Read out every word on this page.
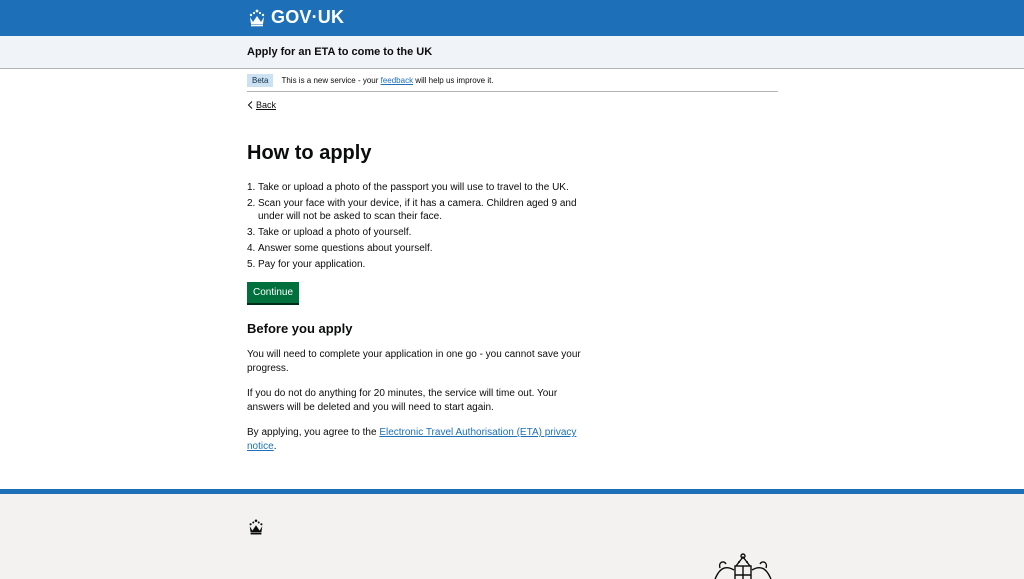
GOV·UK
Apply for an ETA to come to the UK
Beta	This is a new service - your feedback will help us improve it.
Back
How to apply
1. Take or upload a photo of the passport you will use to travel to the UK.
2. Scan your face with your device, if it has a camera. Children aged 9 and under will not be asked to scan their face.
3. Take or upload a photo of yourself.
4. Answer some questions about yourself.
5. Pay for your application.
Continue
Before you apply

You will need to complete your application in one go - you cannot save your progress.

If you do not do anything for 20 minutes, the service will time out. Your answers will be deleted and you will need to start again.

By applying, you agree to the Electronic Travel Authorisation (ETA) privacy notice.
